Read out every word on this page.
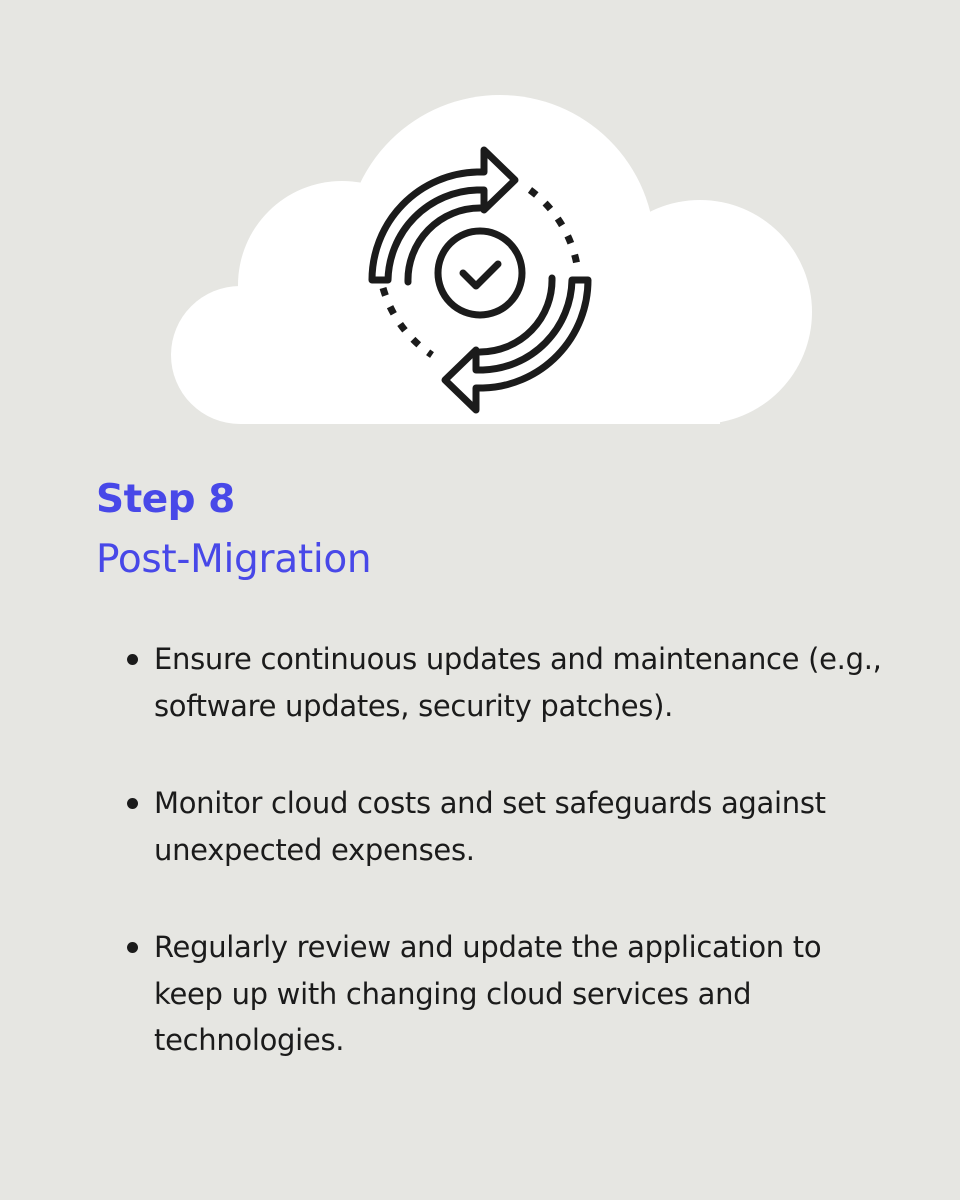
Step 8
Post-Migration
Ensure continuous updates and maintenance (e.g., software updates, security patches).
Monitor cloud costs and set safeguards against unexpected expenses.
Regularly review and update the application to keep up with changing cloud services and technologies.
